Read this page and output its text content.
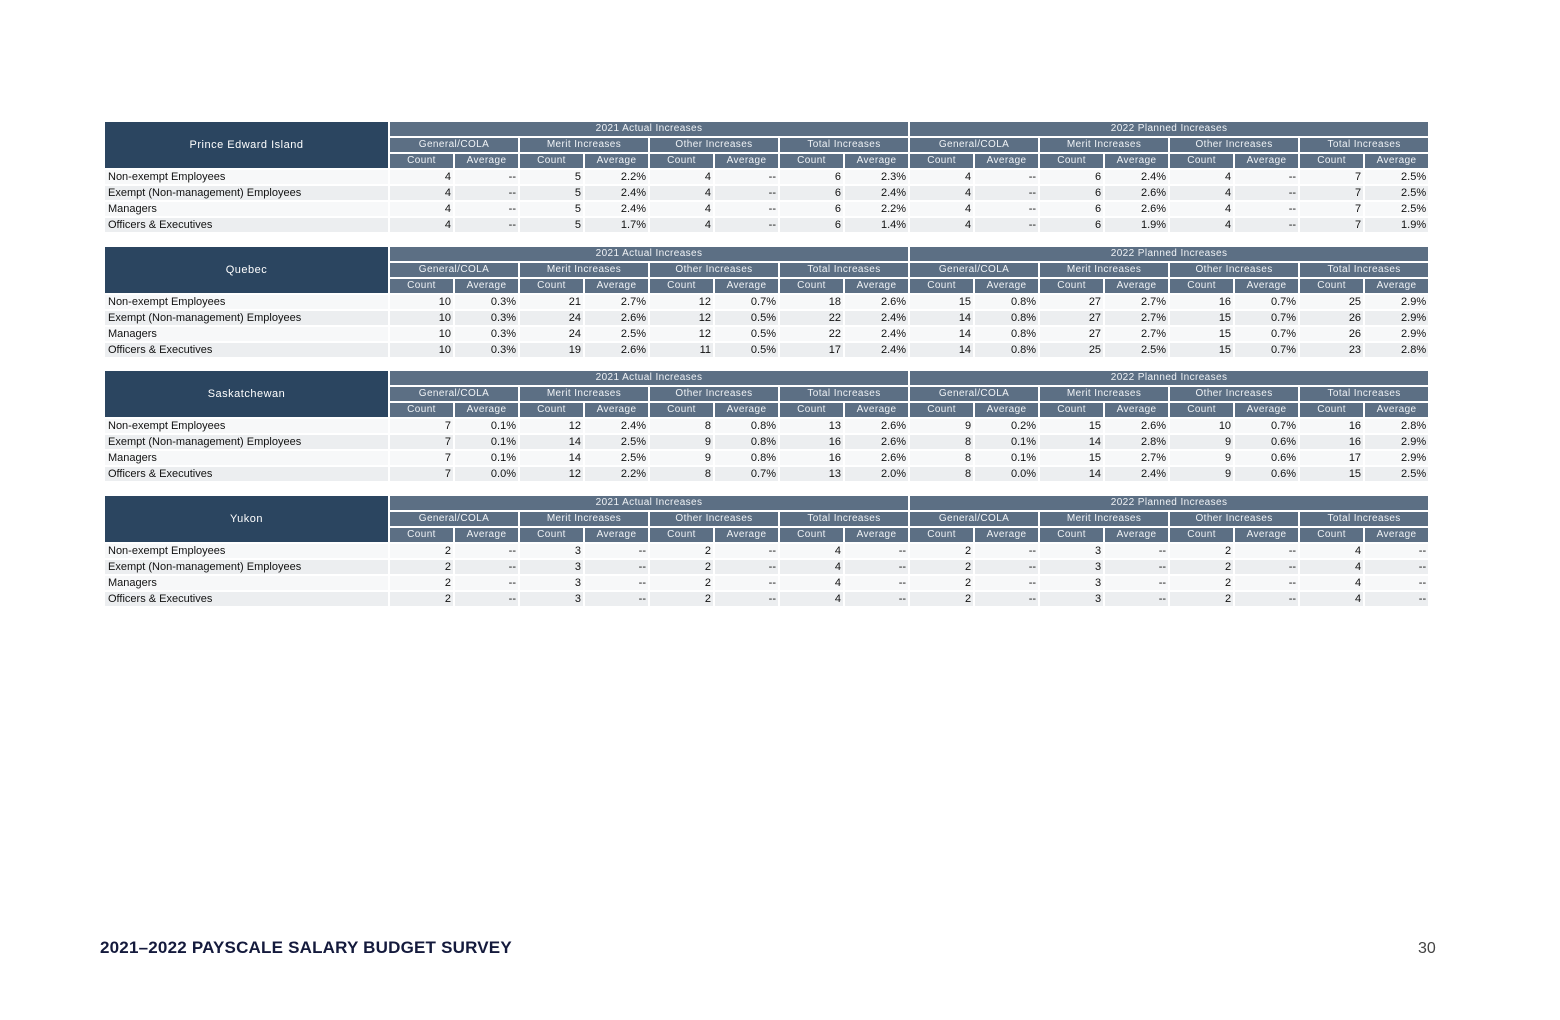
Prince Edward Island	2021 Actual Increases								2022 Planned Increases							
	General/COLA		Merit Increases		Other Increases		Total Increases		General/COLA		Merit Increases		Other Increases		Total Increases	
	Count	Average	Count	Average	Count	Average	Count	Average	Count	Average	Count	Average	Count	Average	Count	Average
Non-exempt Employees	4	--	5	2.2%	4	--	6	2.3%	4	--	6	2.4%	4	--	7	2.5%
Exempt (Non-management) Employees	4	--	5	2.4%	4	--	6	2.4%	4	--	6	2.6%	4	--	7	2.5%
Managers	4	--	5	2.4%	4	--	6	2.2%	4	--	6	2.6%	4	--	7	2.5%
Officers & Executives	4	--	5	1.7%	4	--	6	1.4%	4	--	6	1.9%	4	--	7	1.9%
Quebec	2021 Actual Increases								2022 Planned Increases							
	General/COLA		Merit Increases		Other Increases		Total Increases		General/COLA		Merit Increases		Other Increases		Total Increases	
	Count	Average	Count	Average	Count	Average	Count	Average	Count	Average	Count	Average	Count	Average	Count	Average
Non-exempt Employees	10	0.3%	21	2.7%	12	0.7%	18	2.6%	15	0.8%	27	2.7%	16	0.7%	25	2.9%
Exempt (Non-management) Employees	10	0.3%	24	2.6%	12	0.5%	22	2.4%	14	0.8%	27	2.7%	15	0.7%	26	2.9%
Managers	10	0.3%	24	2.5%	12	0.5%	22	2.4%	14	0.8%	27	2.7%	15	0.7%	26	2.9%
Officers & Executives	10	0.3%	19	2.6%	11	0.5%	17	2.4%	14	0.8%	25	2.5%	15	0.7%	23	2.8%
Saskatchewan	2021 Actual Increases								2022 Planned Increases							
	General/COLA		Merit Increases		Other Increases		Total Increases		General/COLA		Merit Increases		Other Increases		Total Increases	
	Count	Average	Count	Average	Count	Average	Count	Average	Count	Average	Count	Average	Count	Average	Count	Average
Non-exempt Employees	7	0.1%	12	2.4%	8	0.8%	13	2.6%	9	0.2%	15	2.6%	10	0.7%	16	2.8%
Exempt (Non-management) Employees	7	0.1%	14	2.5%	9	0.8%	16	2.6%	8	0.1%	14	2.8%	9	0.6%	16	2.9%
Managers	7	0.1%	14	2.5%	9	0.8%	16	2.6%	8	0.1%	15	2.7%	9	0.6%	17	2.9%
Officers & Executives	7	0.0%	12	2.2%	8	0.7%	13	2.0%	8	0.0%	14	2.4%	9	0.6%	15	2.5%
Yukon	2021 Actual Increases								2022 Planned Increases							
	General/COLA		Merit Increases		Other Increases		Total Increases		General/COLA		Merit Increases		Other Increases		Total Increases	
	Count	Average	Count	Average	Count	Average	Count	Average	Count	Average	Count	Average	Count	Average	Count	Average
Non-exempt Employees	2	--	3	--	2	--	4	--	2	--	3	--	2	--	4	--
Exempt (Non-management) Employees	2	--	3	--	2	--	4	--	2	--	3	--	2	--	4	--
Managers	2	--	3	--	2	--	4	--	2	--	3	--	2	--	4	--
Officers & Executives	2	--	3	--	2	--	4	--	2	--	3	--	2	--	4	--
2021–2022 PAYSCALE SALARY BUDGET SURVEY	30
